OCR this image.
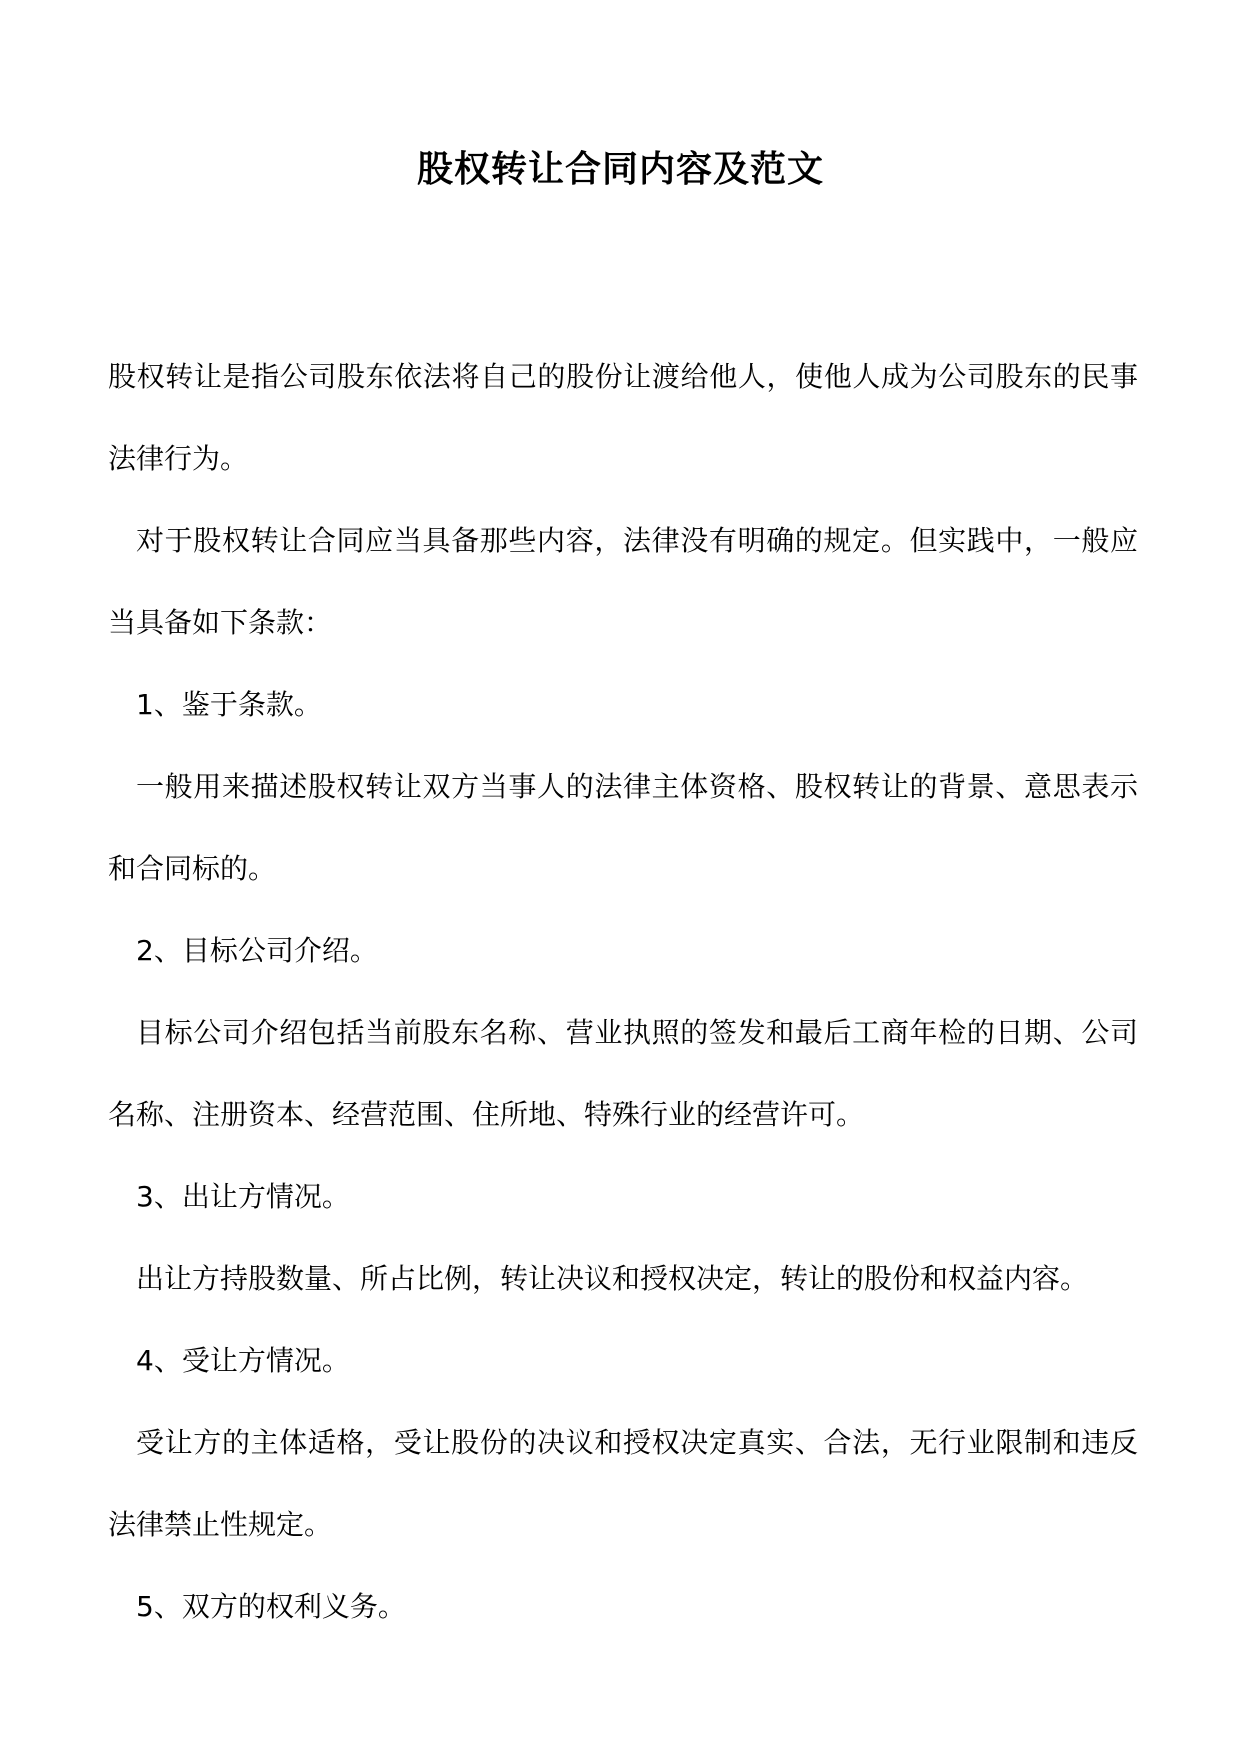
股权转让合同内容及范文

股权转让是指公司股东依法将自己的股份让渡给他人，使他人成为公司股东的民事法律行为。

对于股权转让合同应当具备那些内容，法律没有明确的规定。但实践中，一般应当具备如下条款：

1、鉴于条款。

一般用来描述股权转让双方当事人的法律主体资格、股权转让的背景、意思表示和合同标的。

2、目标公司介绍。

目标公司介绍包括当前股东名称、营业执照的签发和最后工商年检的日期、公司名称、注册资本、经营范围、住所地、特殊行业的经营许可。

3、出让方情况。

出让方持股数量、所占比例，转让决议和授权决定，转让的股份和权益内容。

4、受让方情况。

受让方的主体适格，受让股份的决议和授权决定真实、合法，无行业限制和违反法律禁止性规定。

5、双方的权利义务。
